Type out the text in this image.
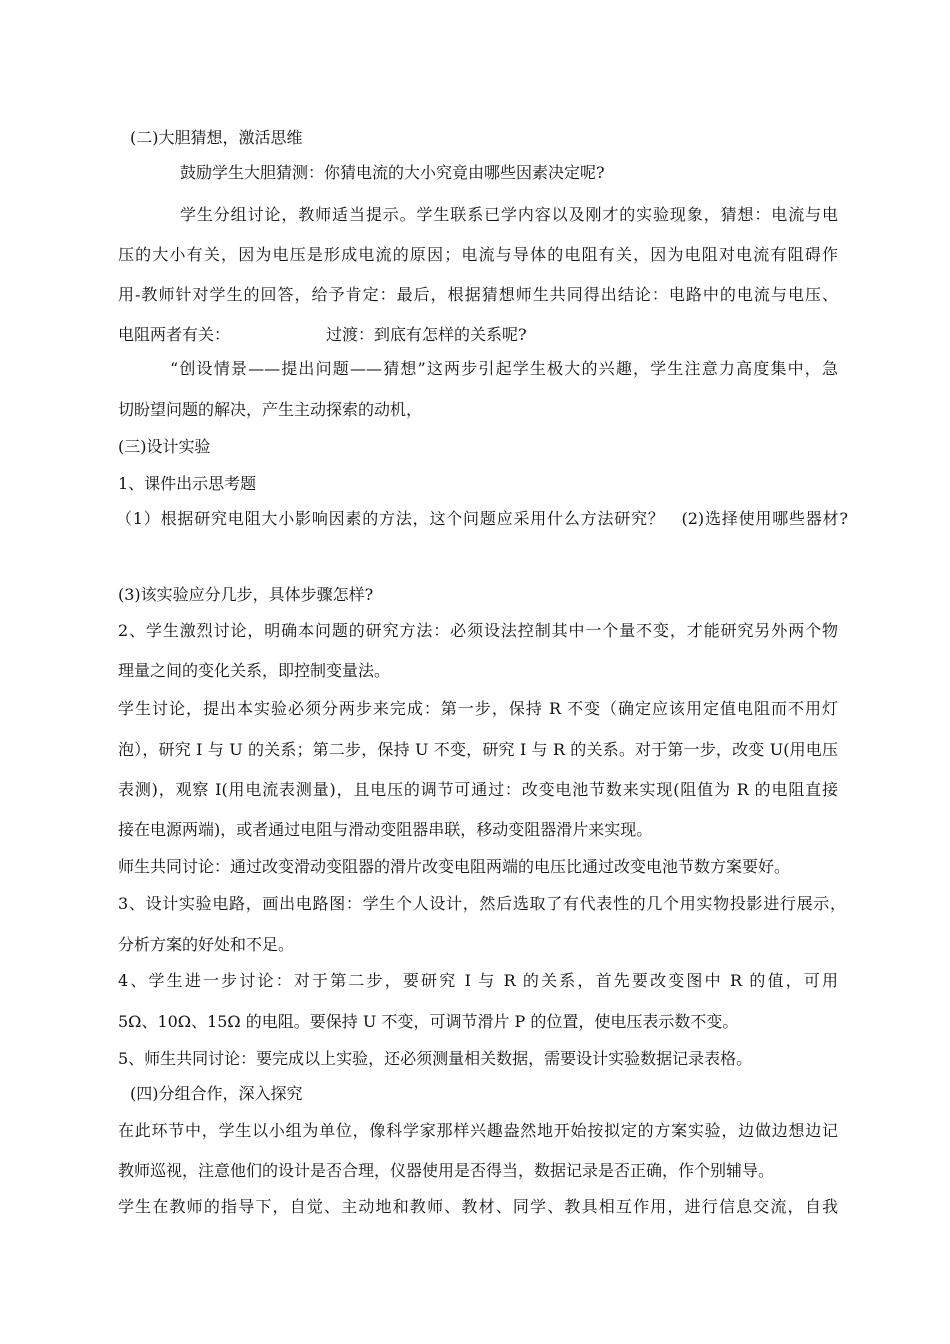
(二)大胆猜想，激活思维
鼓励学生大胆猜测：你猜电流的大小究竟由哪些因素决定呢?
学生分组讨论，教师适当提示。学生联系已学内容以及刚才的实验现象，猜想：电流与电
压的大小有关，因为电压是形成电流的原因；电流与导体的电阻有关，因为电阻对电流有阻碍作
用-教师针对学生的回答，给予肯定：最后，根据猜想师生共同得出结论：电路中的电流与电压、
电阻两者有关：	过渡：到底有怎样的关系呢?
“创设情景——提出问题——猜想”这两步引起学生极大的兴趣，学生注意力高度集中，急
切盼望问题的解决，产生主动探索的动机，
(三)设计实验
1、课件出示思考题
（1）根据研究电阻大小影响因素的方法，这个问题应采用什么方法研究？　(2)选择使用哪些器材?
(3)该实验应分几步，具体步骤怎样?
2、学生激烈讨论，明确本问题的研究方法：必须设法控制其中一个量不变，才能研究另外两个物
理量之间的变化关系，即控制变量法。
学生讨论，提出本实验必须分两步来完成：第一步，保持 R 不变（确定应该用定值电阻而不用灯
泡），研究 I 与 U 的关系；第二步，保持 U 不变，研究 I 与 R 的关系。对于第一步，改变 U(用电压
表测)，观察 I(用电流表测量)，且电压的调节可通过：改变电池节数来实现(阻值为 R 的电阻直接
接在电源两端)，或者通过电阻与滑动变阻器串联，移动变阻器滑片来实现。
师生共同讨论：通过改变滑动变阻器的滑片改变电阻两端的电压比通过改变电池节数方案要好。
3、设计实验电路，画出电路图：学生个人设计，然后选取了有代表性的几个用实物投影进行展示，
分析方案的好处和不足。
4、学生进一步讨论：对于第二步，要研究 I 与 R 的关系，首先要改变图中 R 的值，可用
5Ω、10Ω、15Ω 的电阻。要保持 U 不变，可调节滑片 P 的位置，使电压表示数不变。
5、师生共同讨论：要完成以上实验，还必须测量相关数据，需要设计实验数据记录表格。
(四)分组合作，深入探究
在此环节中，学生以小组为单位，像科学家那样兴趣盎然地开始按拟定的方案实验，边做边想边记
教师巡视，注意他们的设计是否合理，仪器使用是否得当，数据记录是否正确，作个别辅导。
学生在教师的指导下，自觉、主动地和教师、教材、同学、教具相互作用，进行信息交流，自我
